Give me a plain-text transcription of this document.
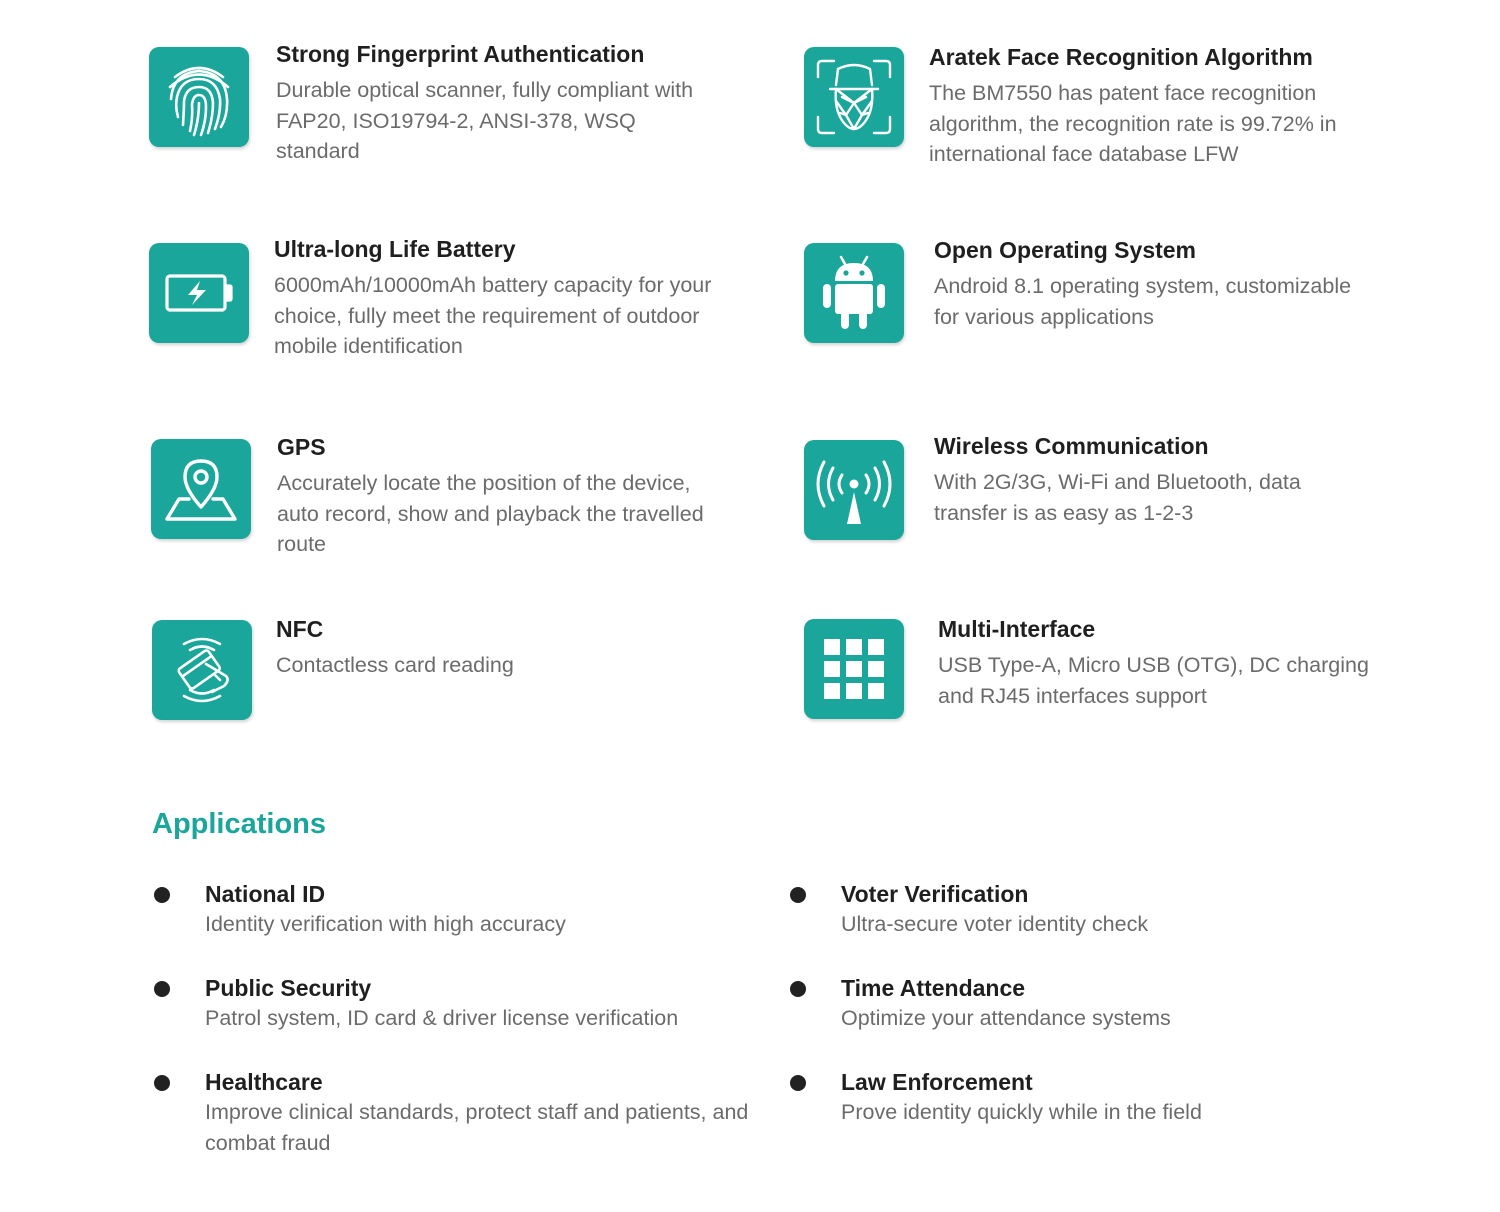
Strong Fingerprint Authentication

Durable optical scanner, fully compliant with FAP20, ISO19794-2, ANSI-378, WSQ standard

Aratek Face Recognition Algorithm

The BM7550 has patent face recognition algorithm, the recognition rate is 99.72% in international face database LFW

Ultra-long Life Battery

6000mAh/10000mAh battery capacity for your choice, fully meet the requirement of outdoor mobile identification

Open Operating System

Android 8.1 operating system, customizable for various applications

GPS

Accurately locate the position of the device, auto record, show and playback the travelled route

Wireless Communication

With 2G/3G, Wi-Fi and Bluetooth, data transfer is as easy as 1-2-3

NFC

Contactless card reading

Multi-Interface

USB Type-A, Micro USB (OTG), DC charging and RJ45 interfaces support

Applications

National ID

Identity verification with high accuracy

Voter Verification

Ultra-secure voter identity check

Public Security

Patrol system, ID card & driver license verification

Time Attendance

Optimize your attendance systems

Healthcare

Improve clinical standards, protect staff and patients, and combat fraud

Law Enforcement

Prove identity quickly while in the field
